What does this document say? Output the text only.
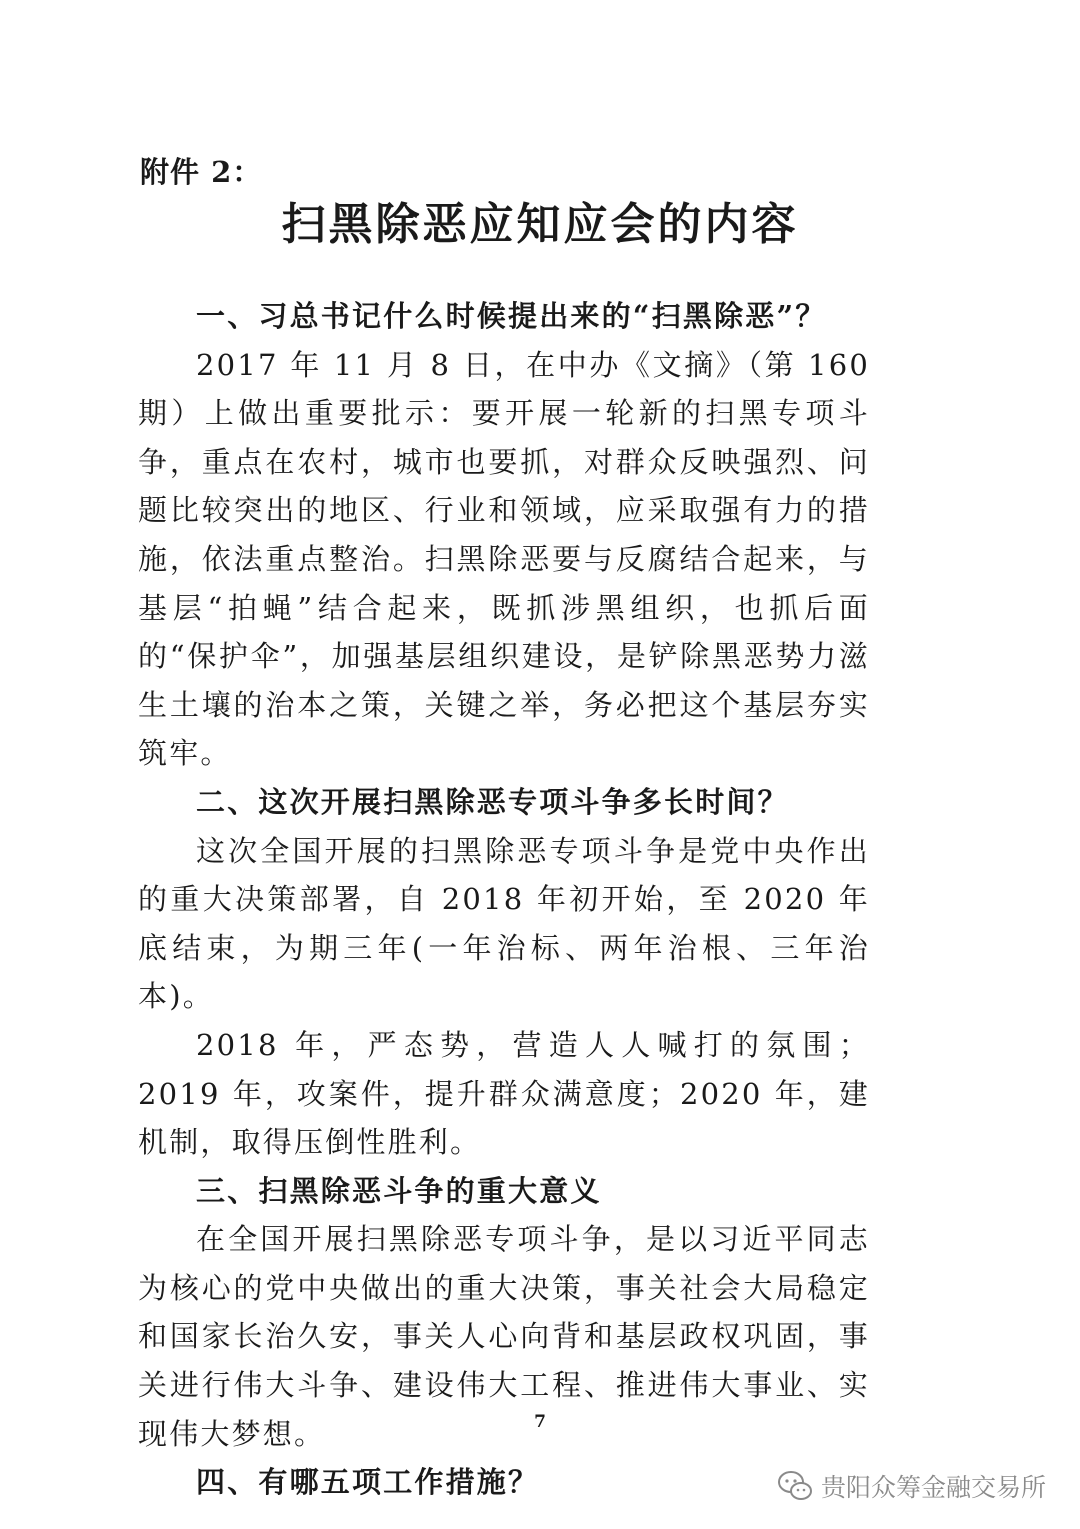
附件 2：
扫黑除恶应知应会的内容
一、习总书记什么时候提出来的“扫黑除恶”？

2017 年 11 月 8 日，在中办《文摘》（第 160 期）上做出重要批示：要开展一轮新的扫黑专项斗争，重点在农村，城市也要抓，对群众反映强烈、问题比较突出的地区、行业和领域，应采取强有力的措施，依法重点整治。扫黑除恶要与反腐结合起来，与基层“拍蝇”结合起来，既抓涉黑组织，也抓后面的“保护伞”，加强基层组织建设，是铲除黑恶势力滋生土壤的治本之策，关键之举，务必把这个基层夯实筑牢。

二、这次开展扫黑除恶专项斗争多长时间？

这次全国开展的扫黑除恶专项斗争是党中央作出的重大决策部署，自 2018 年初开始，至 2020 年底结束，为期三年(一年治标、两年治根、三年治本)。

2018 年，严态势，营造人人喊打的氛围；2019 年，攻案件，提升群众满意度；2020 年，建机制，取得压倒性胜利。

三、扫黑除恶斗争的重大意义

在全国开展扫黑除恶专项斗争，是以习近平同志为核心的党中央做出的重大决策，事关社会大局稳定和国家长治久安，事关人心向背和基层政权巩固，事关进行伟大斗争、建设伟大工程、推进伟大事业、实现伟大梦想。

四、有哪五项工作措施？
7
贵阳众筹金融交易所
